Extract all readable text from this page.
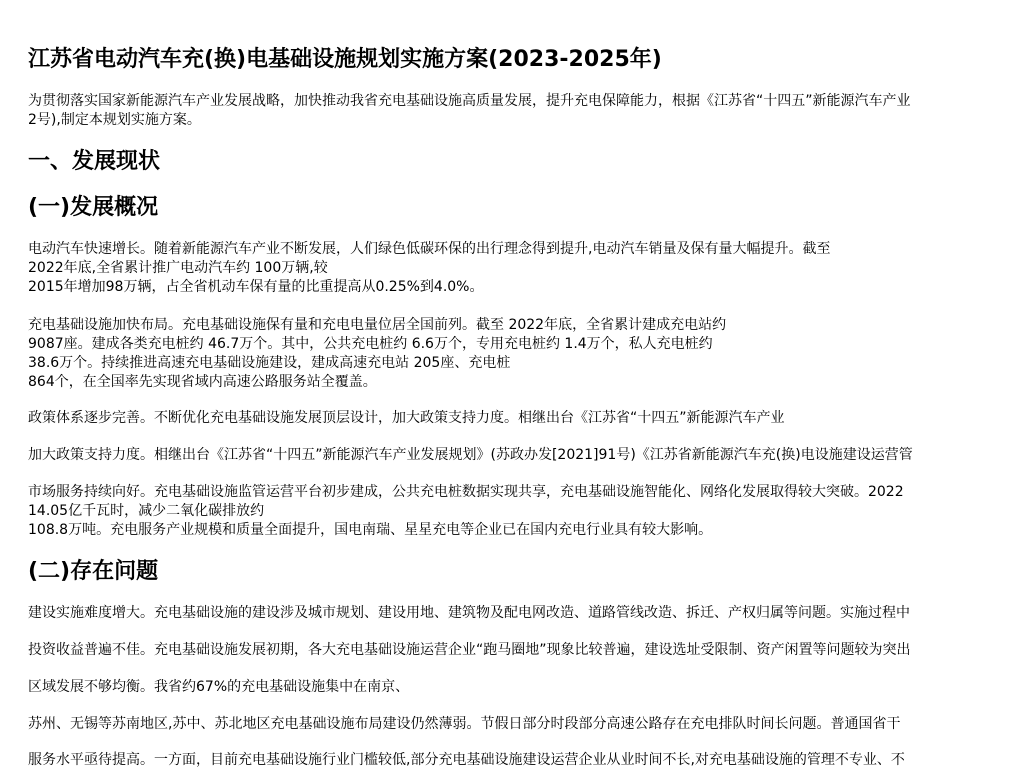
江苏省电动汽车充(换)电基础设施规划实施方案(2023-2025年)
为贯彻落实国家新能源汽车产业发展战略，加快推动我省充电基础设施高质量发展，提升充电保障能力，根据《江苏省“十四五”新能源汽车产业
2号),制定本规划实施方案。
一、发展现状
(一)发展概况
电动汽车快速增长。随着新能源汽车产业不断发展，人们绿色低碳环保的出行理念得到提升,电动汽车销量及保有量大幅提升。截至
2022年底,全省累计推广电动汽车约 100万辆,较
2015年增加98万辆，占全省机动车保有量的比重提高从0.25%到4.0%。
充电基础设施加快布局。充电基础设施保有量和充电电量位居全国前列。截至 2022年底，全省累计建成充电站约
9087座。建成各类充电桩约 46.7万个。其中，公共充电桩约 6.6万个，专用充电桩约 1.4万个，私人充电桩约
38.6万个。持续推进高速充电基础设施建设，建成高速充电站 205座、充电桩
864个，在全国率先实现省域内高速公路服务站全覆盖。
政策体系逐步完善。不断优化充电基础设施发展顶层设计，加大政策支持力度。相继出台《江苏省“十四五”新能源汽车产业
加大政策支持力度。相继出台《江苏省“十四五”新能源汽车产业发展规划》(苏政办发[2021]91号)《江苏省新能源汽车充(换)电设施建设运营管
市场服务持续向好。充电基础设施监管运营平台初步建成，公共充电桩数据实现共享，充电基础设施智能化、网络化发展取得较大突破。2022
14.05亿千瓦时，减少二氧化碳排放约
108.8万吨。充电服务产业规模和质量全面提升，国电南瑞、星星充电等企业已在国内充电行业具有较大影响。
(二)存在问题
建设实施难度增大。充电基础设施的建设涉及城市规划、建设用地、建筑物及配电网改造、道路管线改造、拆迁、产权归属等问题。实施过程中
投资收益普遍不佳。充电基础设施发展初期，各大充电基础设施运营企业“跑马圈地”现象比较普遍，建设选址受限制、资产闲置等问题较为突出
区域发展不够均衡。我省约67%的充电基础设施集中在南京、
苏州、无锡等苏南地区,苏中、苏北地区充电基础设施布局建设仍然薄弱。节假日部分时段部分高速公路存在充电排队时间长问题。普通国省干
服务水平亟待提高。一方面，目前充电基础设施行业门槛较低,部分充电基础设施建设运营企业从业时间不长,对充电基础设施的管理不专业、不
